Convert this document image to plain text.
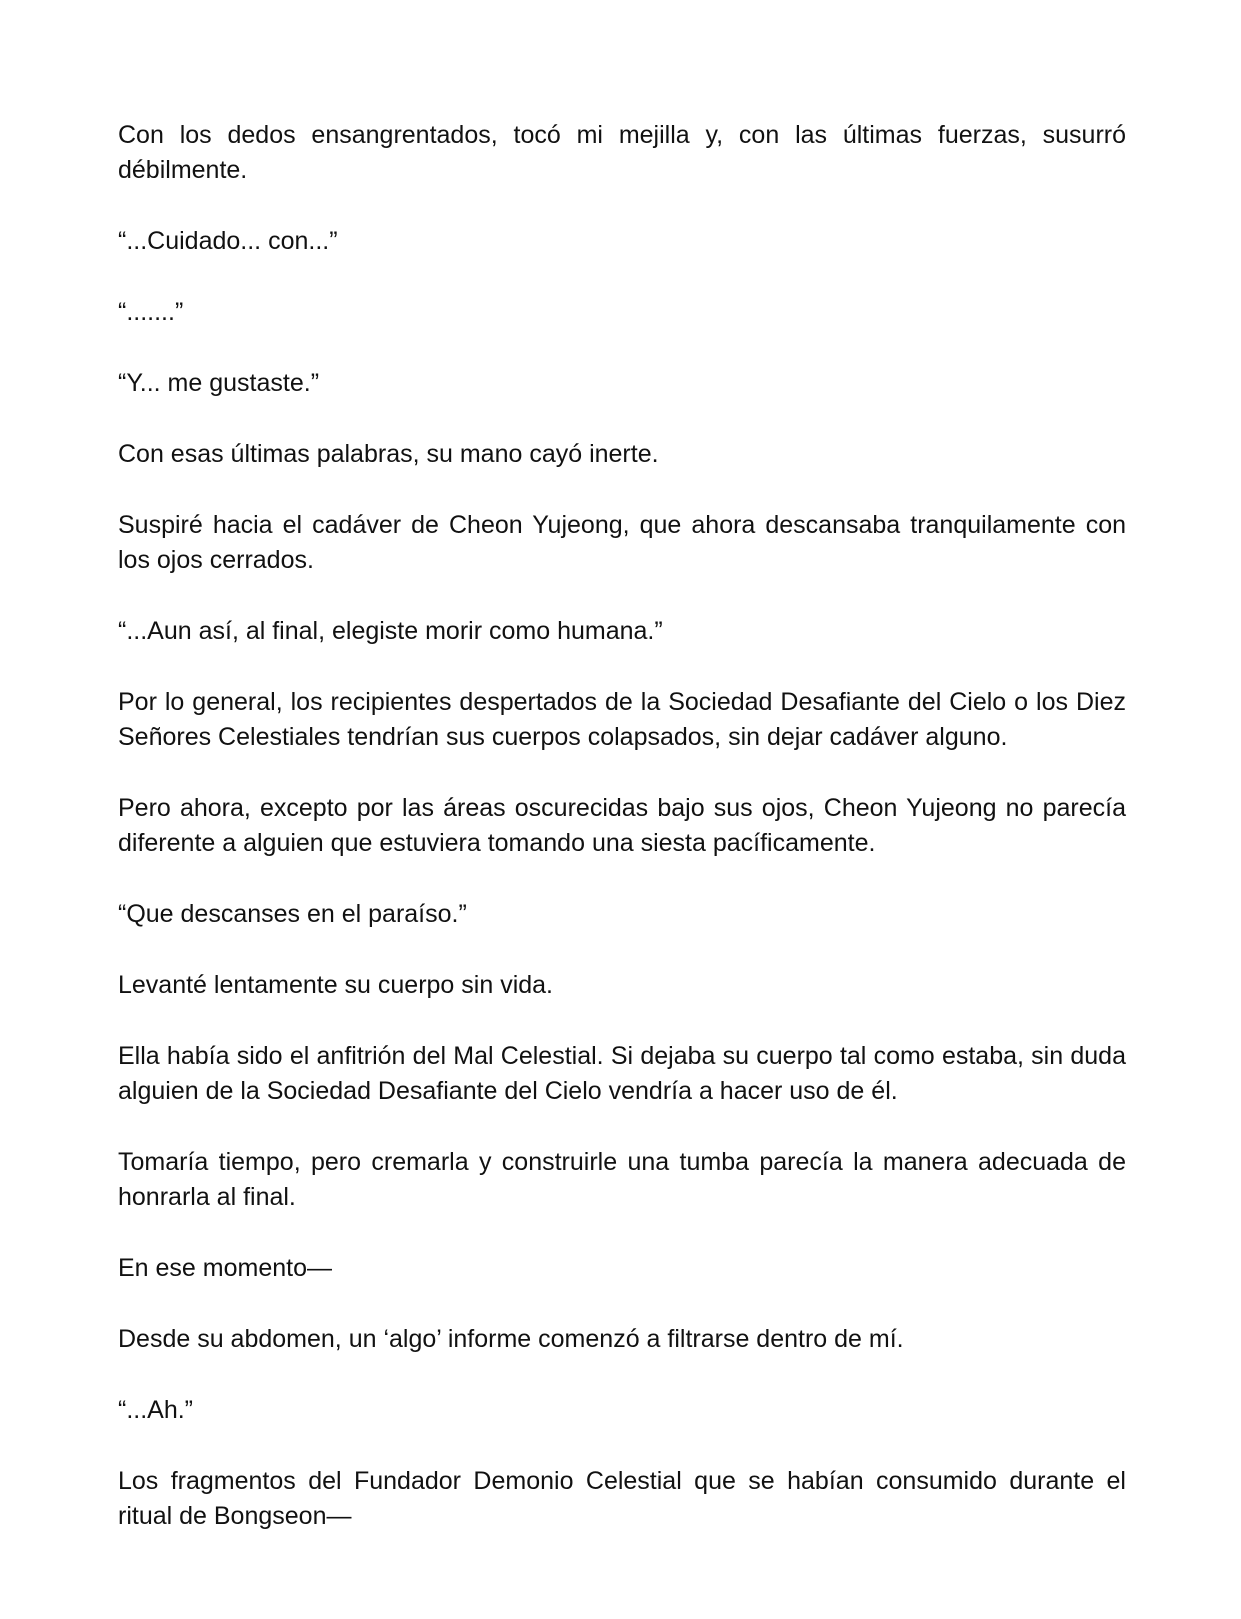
Con los dedos ensangrentados, tocó mi mejilla y, con las últimas fuerzas, susurró débilmente.

“...Cuidado... con...”

“.......”

“Y... me gustaste.”

Con esas últimas palabras, su mano cayó inerte.

Suspiré hacia el cadáver de Cheon Yujeong, que ahora descansaba tranquilamente con los ojos cerrados.

“...Aun así, al final, elegiste morir como humana.”

Por lo general, los recipientes despertados de la Sociedad Desafiante del Cielo o los Diez Señores Celestiales tendrían sus cuerpos colapsados, sin dejar cadáver alguno.

Pero ahora, excepto por las áreas oscurecidas bajo sus ojos, Cheon Yujeong no parecía diferente a alguien que estuviera tomando una siesta pacíficamente.

“Que descanses en el paraíso.”

Levanté lentamente su cuerpo sin vida.

Ella había sido el anfitrión del Mal Celestial. Si dejaba su cuerpo tal como estaba, sin duda alguien de la Sociedad Desafiante del Cielo vendría a hacer uso de él.

Tomaría tiempo, pero cremarla y construirle una tumba parecía la manera adecuada de honrarla al final.

En ese momento—

Desde su abdomen, un ‘algo’ informe comenzó a filtrarse dentro de mí.

“...Ah.”

Los fragmentos del Fundador Demonio Celestial que se habían consumido durante el ritual de Bongseon—
